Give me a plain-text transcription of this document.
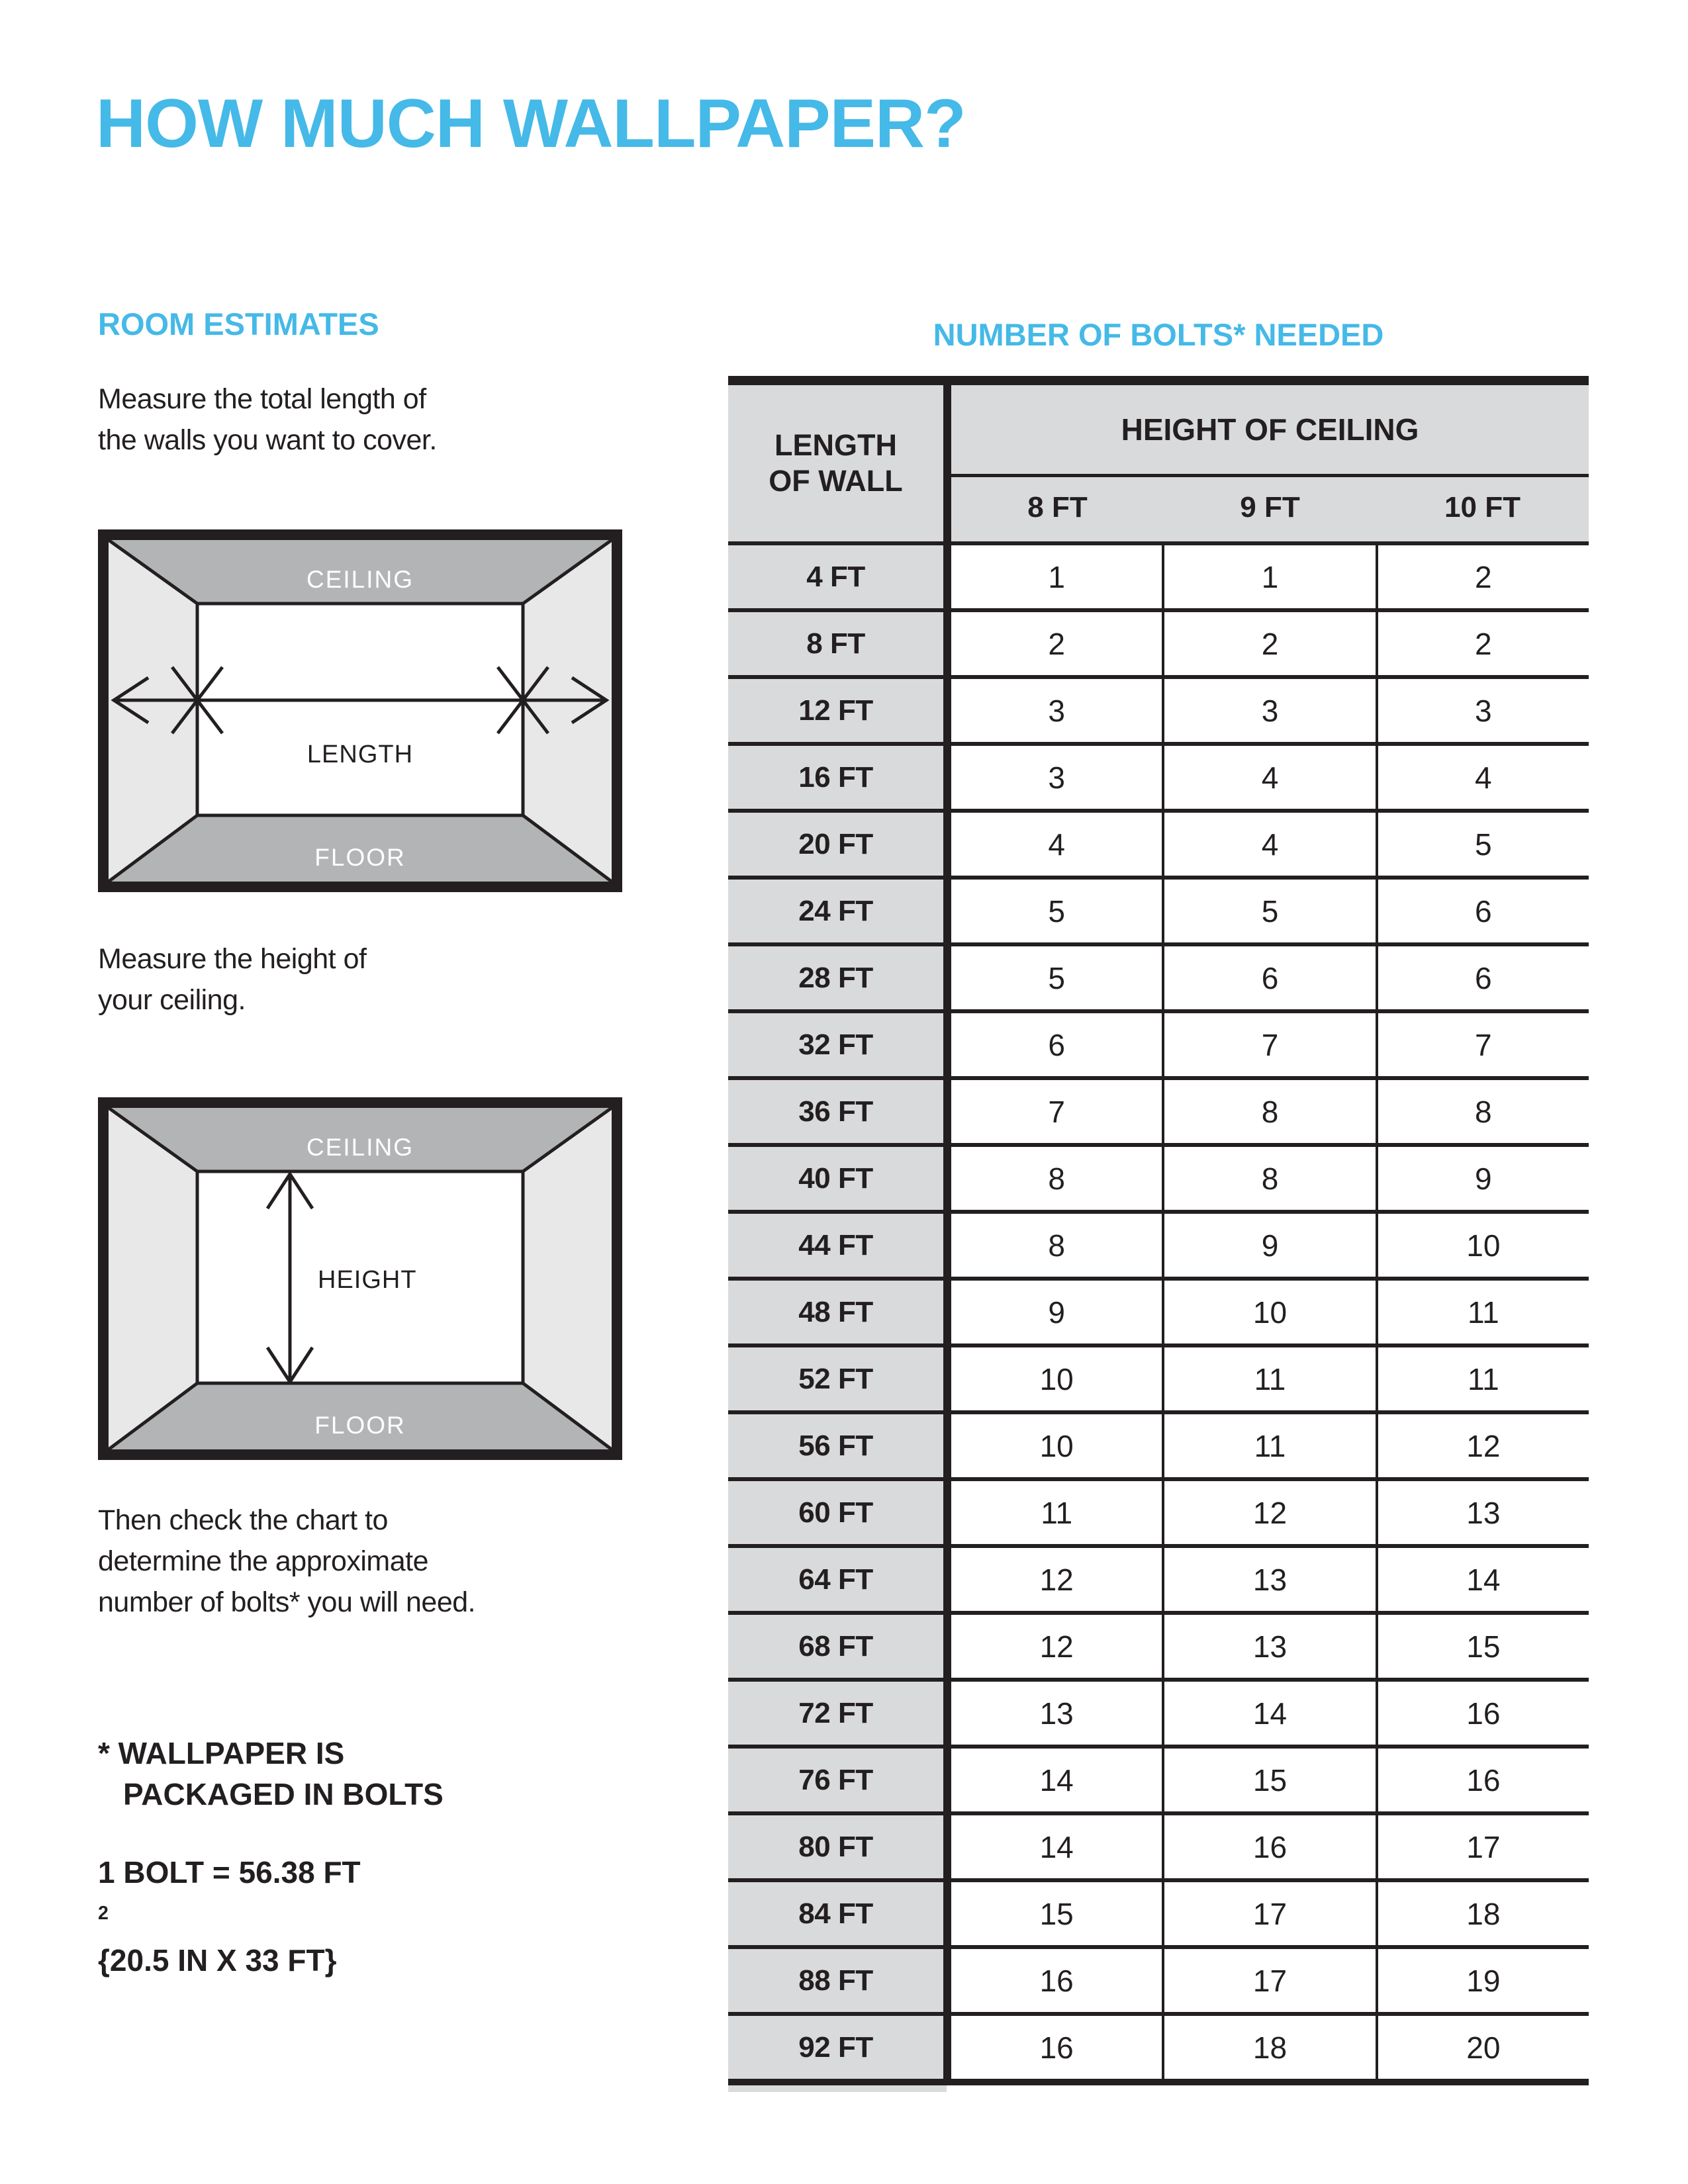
HOW MUCH WALLPAPER?
ROOM ESTIMATES
Measure the total length of
the walls you want to cover.
CEILING
FLOOR
LENGTH
Measure the height of
your ceiling.
CEILING
FLOOR
HEIGHT
Then check the chart to
determine the approximate
number of bolts* you will need.
* WALLPAPER IS
PACKAGED IN BOLTS
1 BOLT = 56.38 FT
$^2$
{20.5 IN X 33 FT}
NUMBER OF BOLTS* NEEDED
LENGTH
OF WALL
HEIGHT OF CEILING
8 FT	9 FT	10 FT
4 FT	1	1	2
8 FT	2	2	2
12 FT	3	3	3
16 FT	3	4	4
20 FT	4	4	5
24 FT	5	5	6
28 FT	5	6	6
32 FT	6	7	7
36 FT	7	8	8
40 FT	8	8	9
44 FT	8	9	10
48 FT	9	10	11
52 FT	10	11	11
56 FT	10	11	12
60 FT	11	12	13
64 FT	12	13	14
68 FT	12	13	15
72 FT	13	14	16
76 FT	14	15	16
80 FT	14	16	17
84 FT	15	17	18
88 FT	16	17	19
92 FT	16	18	20
